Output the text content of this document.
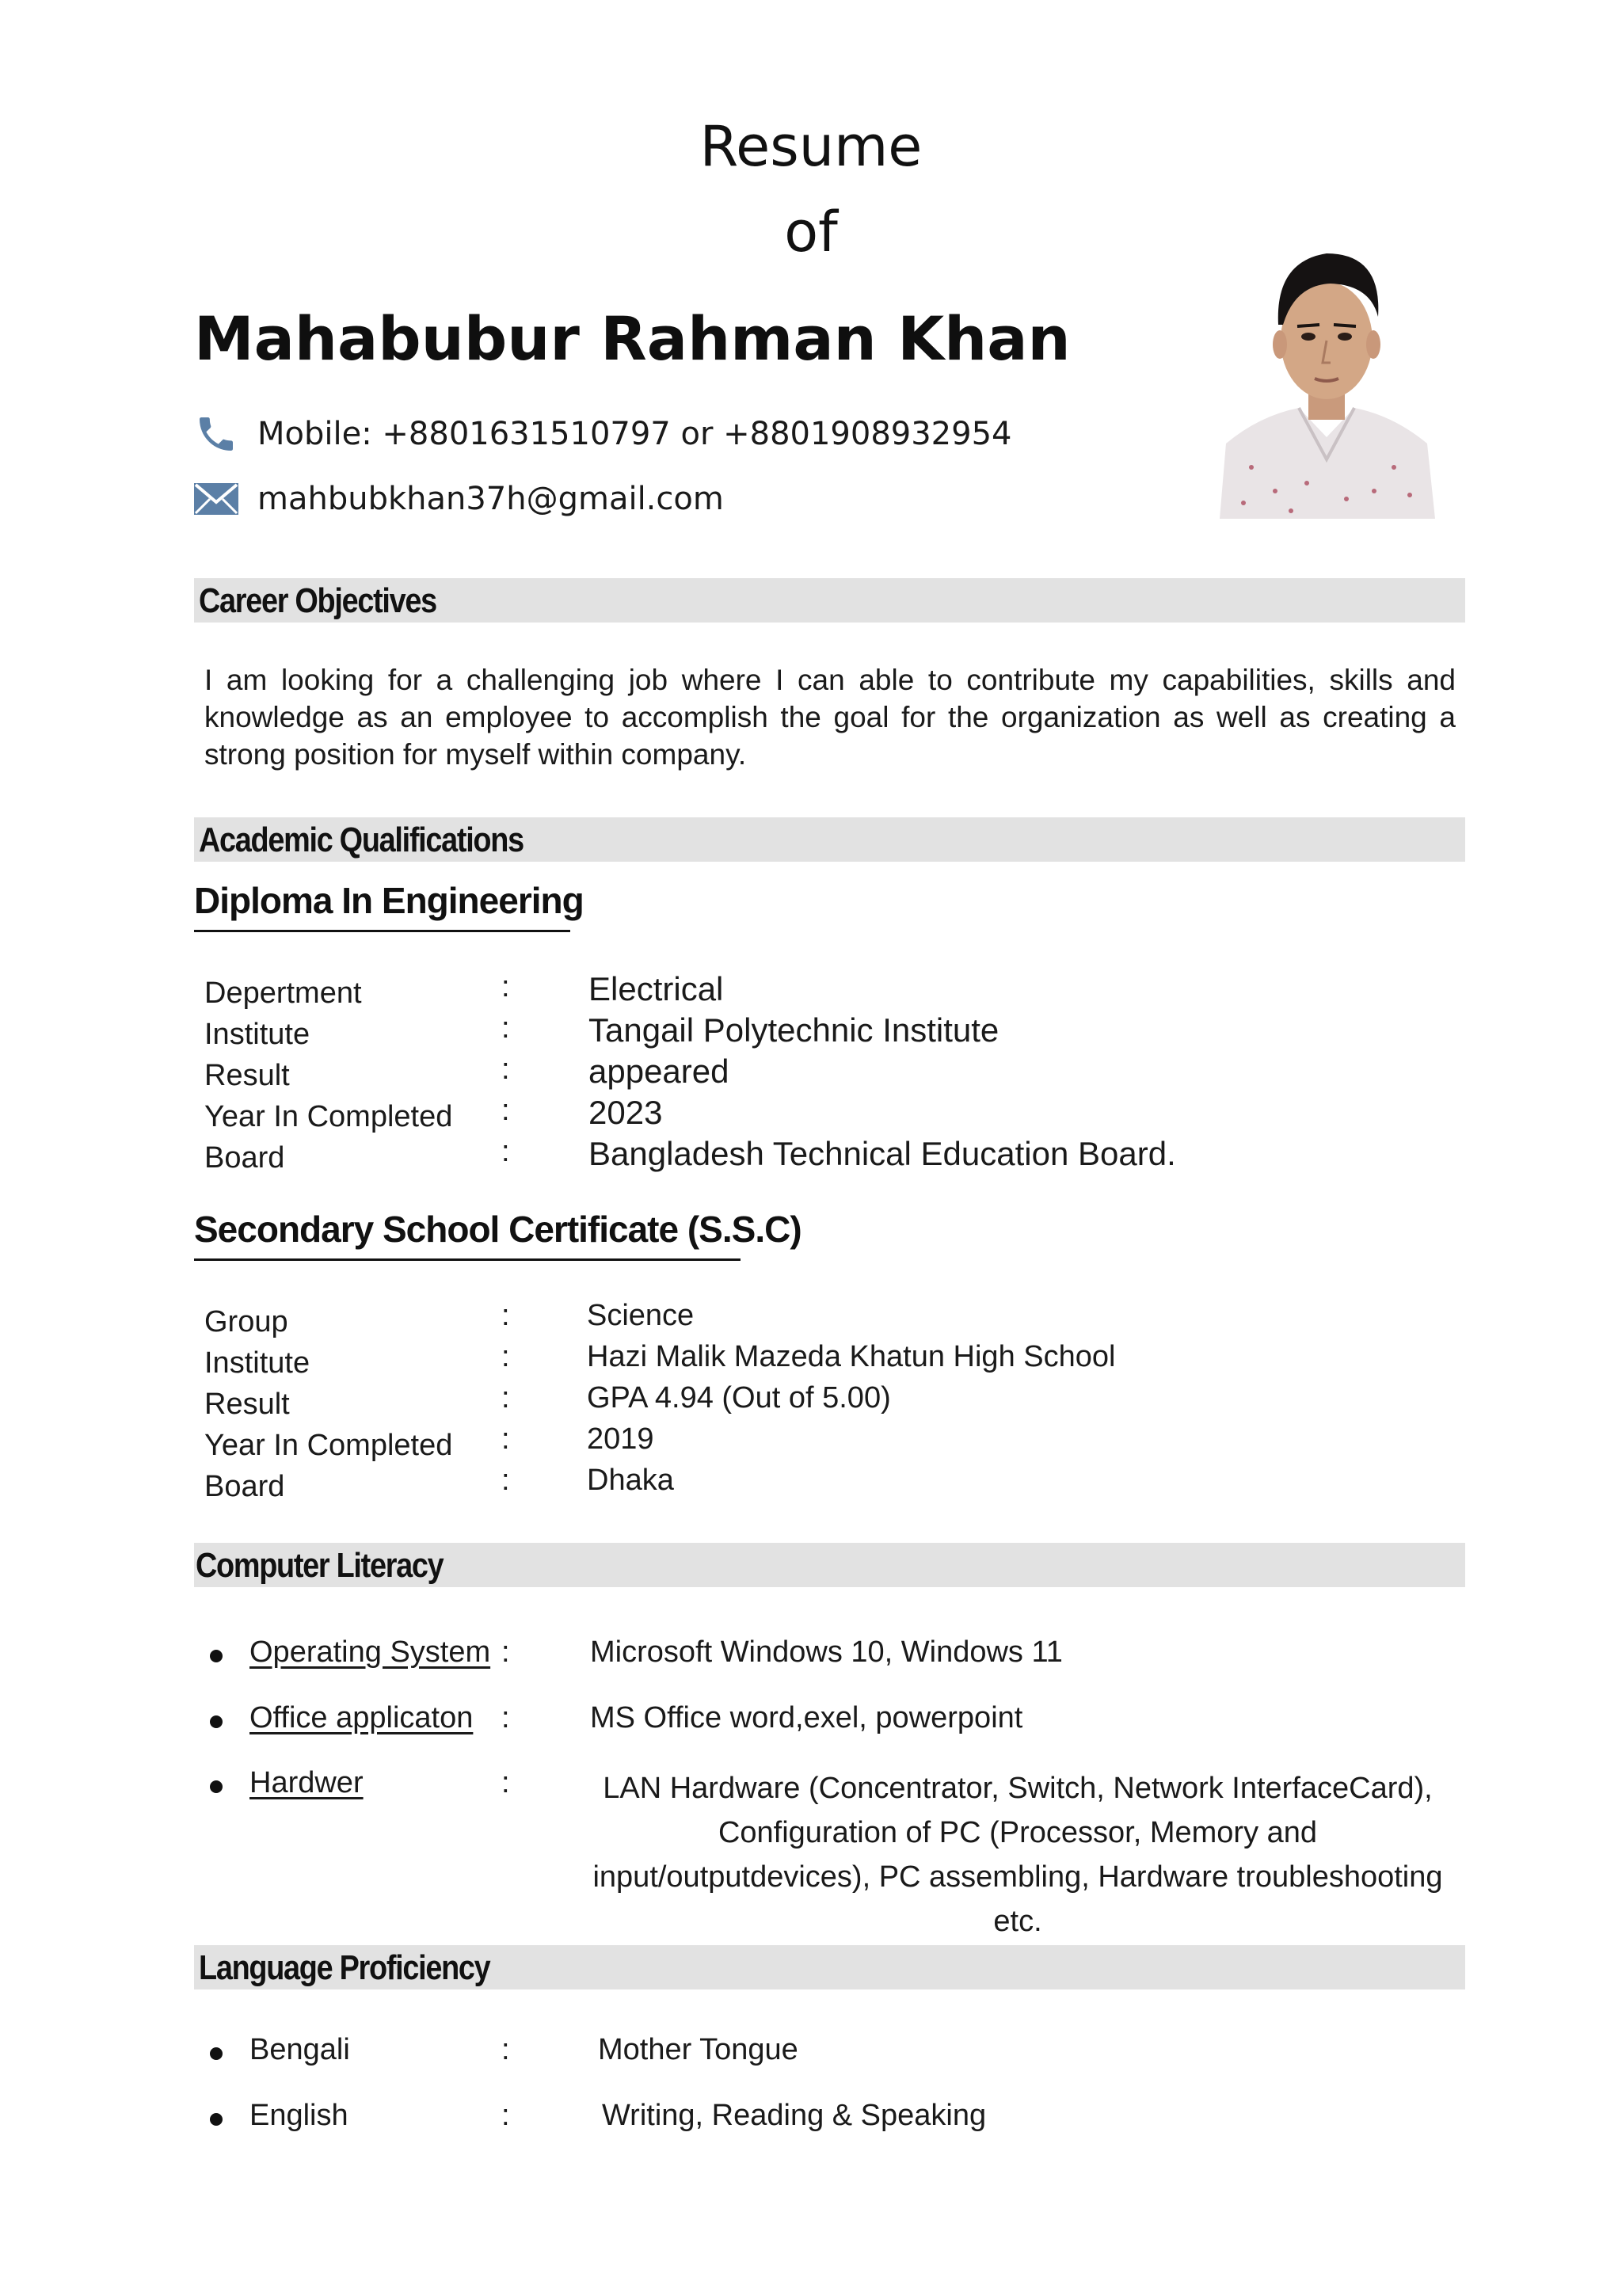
Resume
of
Mahabubur Rahman Khan
Mobile: +8801631510797 or +8801908932954
mahbubkhan37h@gmail.com
Career Objectives
I am looking for a challenging job where I can able to contribute my capabilities, skills and knowledge as an employee to accomplish the goal for the organization as well as creating a strong position for myself within company.
Academic Qualifications
Diploma In Engineering
Depertment	: Electrical
Institute	: Tangail Polytechnic Institute
Result	: appeared
Year In Completed : 2023
Board	: Bangladesh Technical Education Board.
Secondary School Certificate (S.S.C)
Group	:	Science
Institute	:	Hazi Malik Mazeda Khatun High School
Result	:	GPA 4.94 (Out of 5.00)
Year In Completed :	2019
Board	:	Dhaka
Computer Literacy
Operating System :	Microsoft Windows 10, Windows 11
Office applicaton :	MS Office word,exel, powerpoint
Hardwer	:	LAN Hardware (Concentrator, Switch, Network InterfaceCard), Configuration of PC (Processor, Memory and input/outputdevices), PC assembling, Hardware troubleshooting etc.
Language Proficiency
Bengali	:	Mother Tongue
English	:	Writing, Reading & Speaking
